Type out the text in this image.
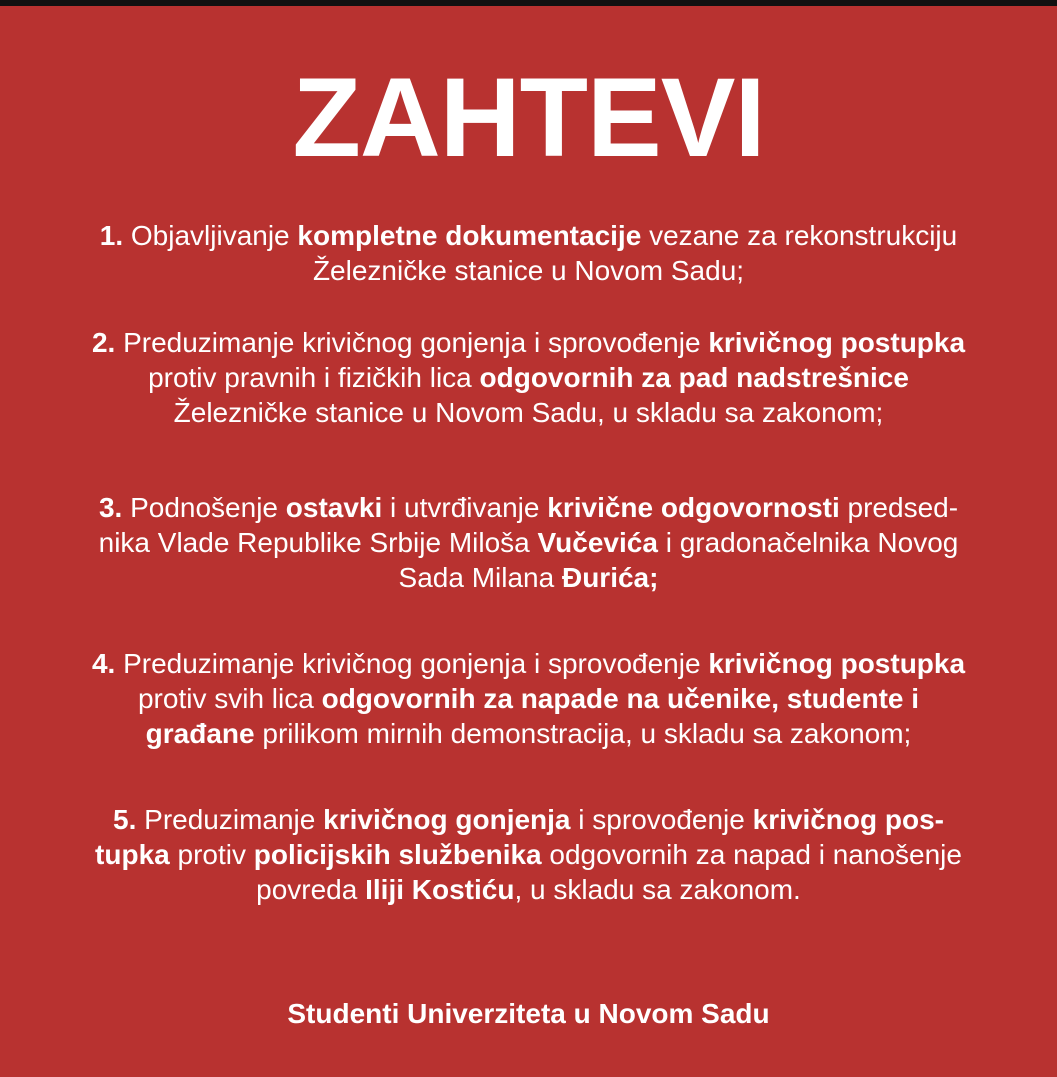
ZAHTEVI
1. Objavljivanje kompletne dokumentacije vezane za rekonstrukciju
Železničke stanice u Novom Sadu;
2. Preduzimanje krivičnog gonjenja i sprovođenje krivičnog postupka
protiv pravnih i fizičkih lica odgovornih za pad nadstrešnice
Železničke stanice u Novom Sadu, u skladu sa zakonom;
3. Podnošenje ostavki i utvrđivanje krivične odgovornosti predsed-
nika Vlade Republike Srbije Miloša Vučevića i gradonačelnika Novog
Sada Milana Đurića;
4. Preduzimanje krivičnog gonjenja i sprovođenje krivičnog postupka
protiv svih lica odgovornih za napade na učenike, studente i
građane prilikom mirnih demonstracija, u skladu sa zakonom;
5. Preduzimanje krivičnog gonjenja i sprovođenje krivičnog pos-
tupka protiv policijskih službenika odgovornih za napad i nanošenje
povreda Iliji Kostiću, u skladu sa zakonom.
Studenti Univerziteta u Novom Sadu
